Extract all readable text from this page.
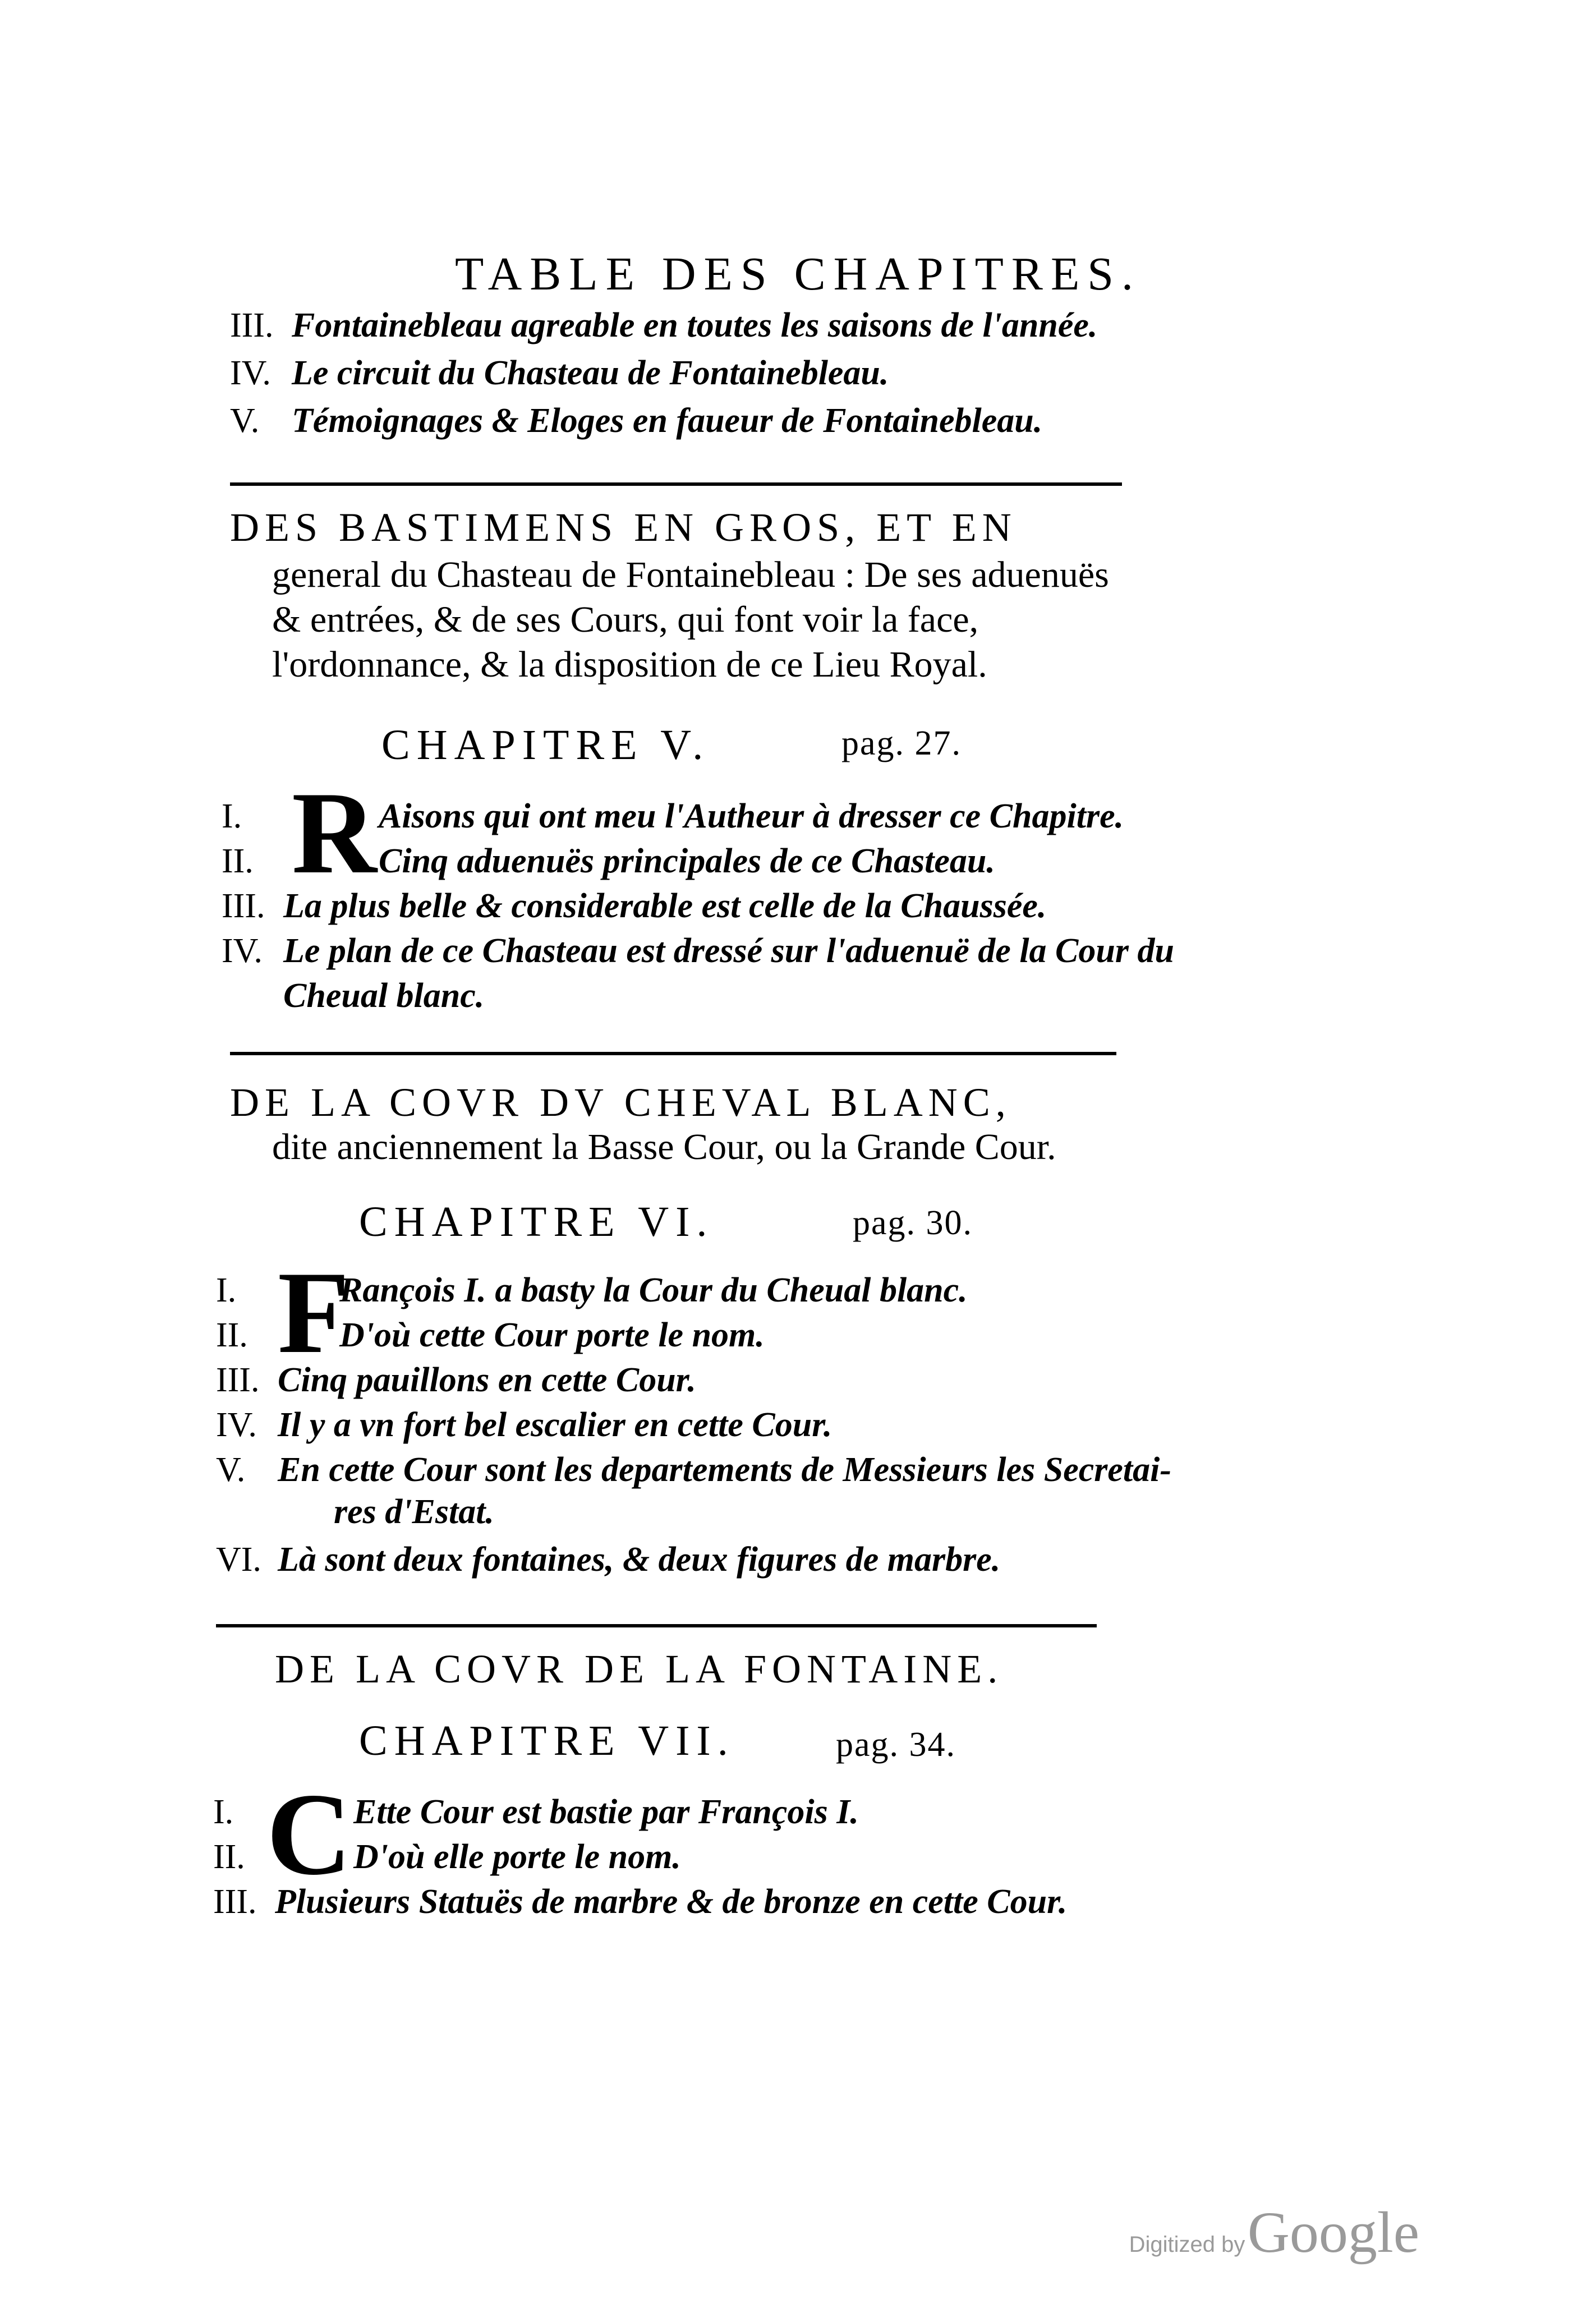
TABLE DES CHAPITRES.
III. Fontainebleau agreable en toutes les saisons de l'année.
IV. Le circuit du Chasteau de Fontainebleau.
V. Témoignages & Eloges en faueur de Fontainebleau.
DES BASTIMENS EN GROS, ET EN
general du Chasteau de Fontainebleau : De ses aduenuës & entrées, & de ses Cours, qui font voir la face, l'ordonnance, & la disposition de ce Lieu Royal.
CHAPITRE V.	pag. 27.
R
I.	Aisons qui ont meu l'Autheur à dresser ce Chapitre.
II.	Cinq aduenuës principales de ce Chasteau.
III. La plus belle & considerable est celle de la Chaussée.
IV. Le plan de ce Chasteau est dressé sur l'aduenuë de la Cour du
Cheual blanc.
DE LA COVR DV CHEVAL BLANC,
dite anciennement la Basse Cour, ou la Grande Cour.
CHAPITRE VI.	pag. 30.
F
I.	Rançois I. a basty la Cour du Cheual blanc.
II.	D'où cette Cour porte le nom.
III. Cinq pauillons en cette Cour.
IV. Il y a vn fort bel escalier en cette Cour.
V. En cette Cour sont les departements de Messieurs les Secretai-
res d'Estat.
VI. Là sont deux fontaines, & deux figures de marbre.
DE LA COVR DE LA FONTAINE.
CHAPITRE VII.	pag. 34.
C
I.	Ette Cour est bastie par François I.
II.	D'où elle porte le nom.
III. Plusieurs Statuës de marbre & de bronze en cette Cour.
Digitized by Google
